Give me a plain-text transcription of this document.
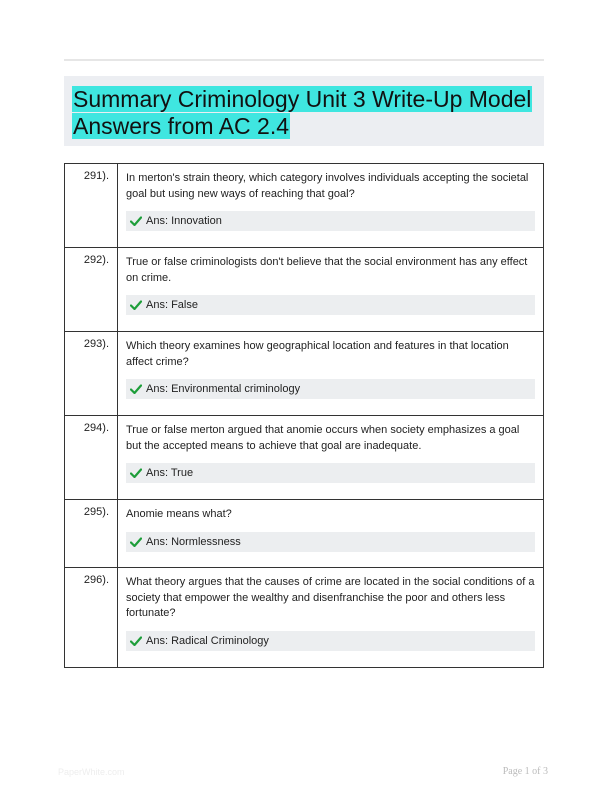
Summary Criminology Unit 3 Write-Up Model Answers from AC 2.4
291).	In merton's strain theory, which category involves individuals accepting the societal goal but using new ways of reaching that goal?

Ans: Innovation

292).	True or false criminologists don't believe that the social environment has any effect on crime.

Ans: False

293).	Which theory examines how geographical location and features in that location affect crime?

Ans: Environmental criminology

294).	True or false merton argued that anomie occurs when society emphasizes a goal but the accepted means to achieve that goal are inadequate.

Ans: True

295).	Anomie means what?

Ans: Normlessness

296).	What theory argues that the causes of crime are located in the social conditions of a society that empower the wealthy and disenfranchise the poor and others less fortunate?

Ans: Radical Criminology
PaperWhite.com	Page 1 of 3
